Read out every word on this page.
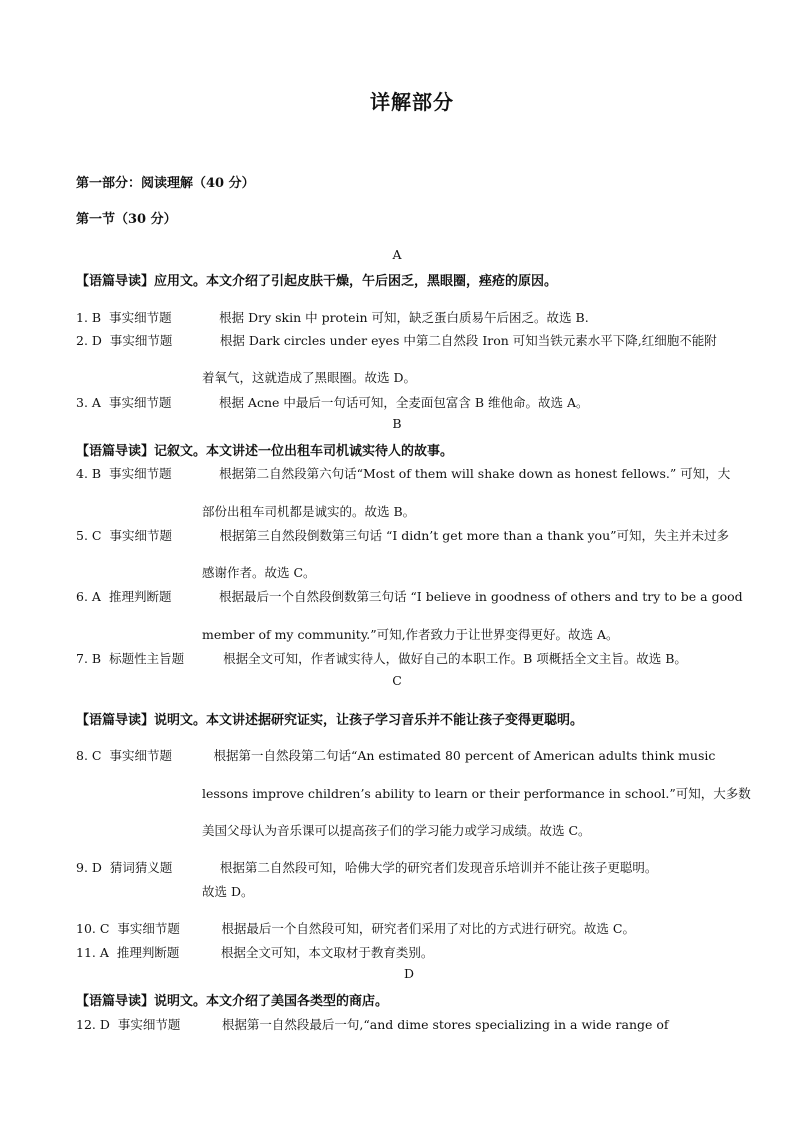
详解部分
第一部分：阅读理解（40 分）
第一节（30 分）
A
【语篇导读】应用文。本文介绍了引起皮肤干燥，午后困乏，黑眼圈，痤疮的原因。
1. B 事实细节题	根据 Dry skin 中 protein 可知，缺乏蛋白质易午后困乏。故选 B.
2. D 事实细节题	根据 Dark circles under eyes 中第二自然段 Iron 可知当铁元素水平下降,红细胞不能附
着氧气，这就造成了黑眼圈。故选 D。
3. A 事实细节题	根据 Acne 中最后一句话可知，全麦面包富含 B 维他命。故选 A。
B
【语篇导读】记叙文。本文讲述一位出租车司机诚实待人的故事。
4. B 事实细节题	根据第二自然段第六句话“Most of them will shake down as honest fellows.” 可知，大
部份出租车司机都是诚实的。故选 B。
5. C 事实细节题	根据第三自然段倒数第三句话 “I didn’t get more than a thank you”可知，失主并未过多
感谢作者。故选 C。
6. A 推理判断题	根据最后一个自然段倒数第三句话 “I believe in goodness of others and try to be a good
member of my community.”可知,作者致力于让世界变得更好。故选 A。
7. B 标题性主旨题	根据全文可知，作者诚实待人，做好自己的本职工作。B 项概括全文主旨。故选 B。
C
【语篇导读】说明文。本文讲述据研究证实，让孩子学习音乐并不能让孩子变得更聪明。
8. C 事实细节题	根据第一自然段第二句话“An estimated 80 percent of American adults think music
lessons improve children’s ability to learn or their performance in school.”可知，大多数
美国父母认为音乐课可以提高孩子们的学习能力或学习成绩。故选 C。
9. D 猜词猜义题	根据第二自然段可知，哈佛大学的研究者们发现音乐培训并不能让孩子更聪明。
故选 D。
10. C 事实细节题	根据最后一个自然段可知，研究者们采用了对比的方式进行研究。故选 C。
11. A 推理判断题	根据全文可知，本文取材于教育类别。
D
【语篇导读】说明文。本文介绍了美国各类型的商店。
12. D 事实细节题	根据第一自然段最后一句,“and dime stores specializing in a wide range of
